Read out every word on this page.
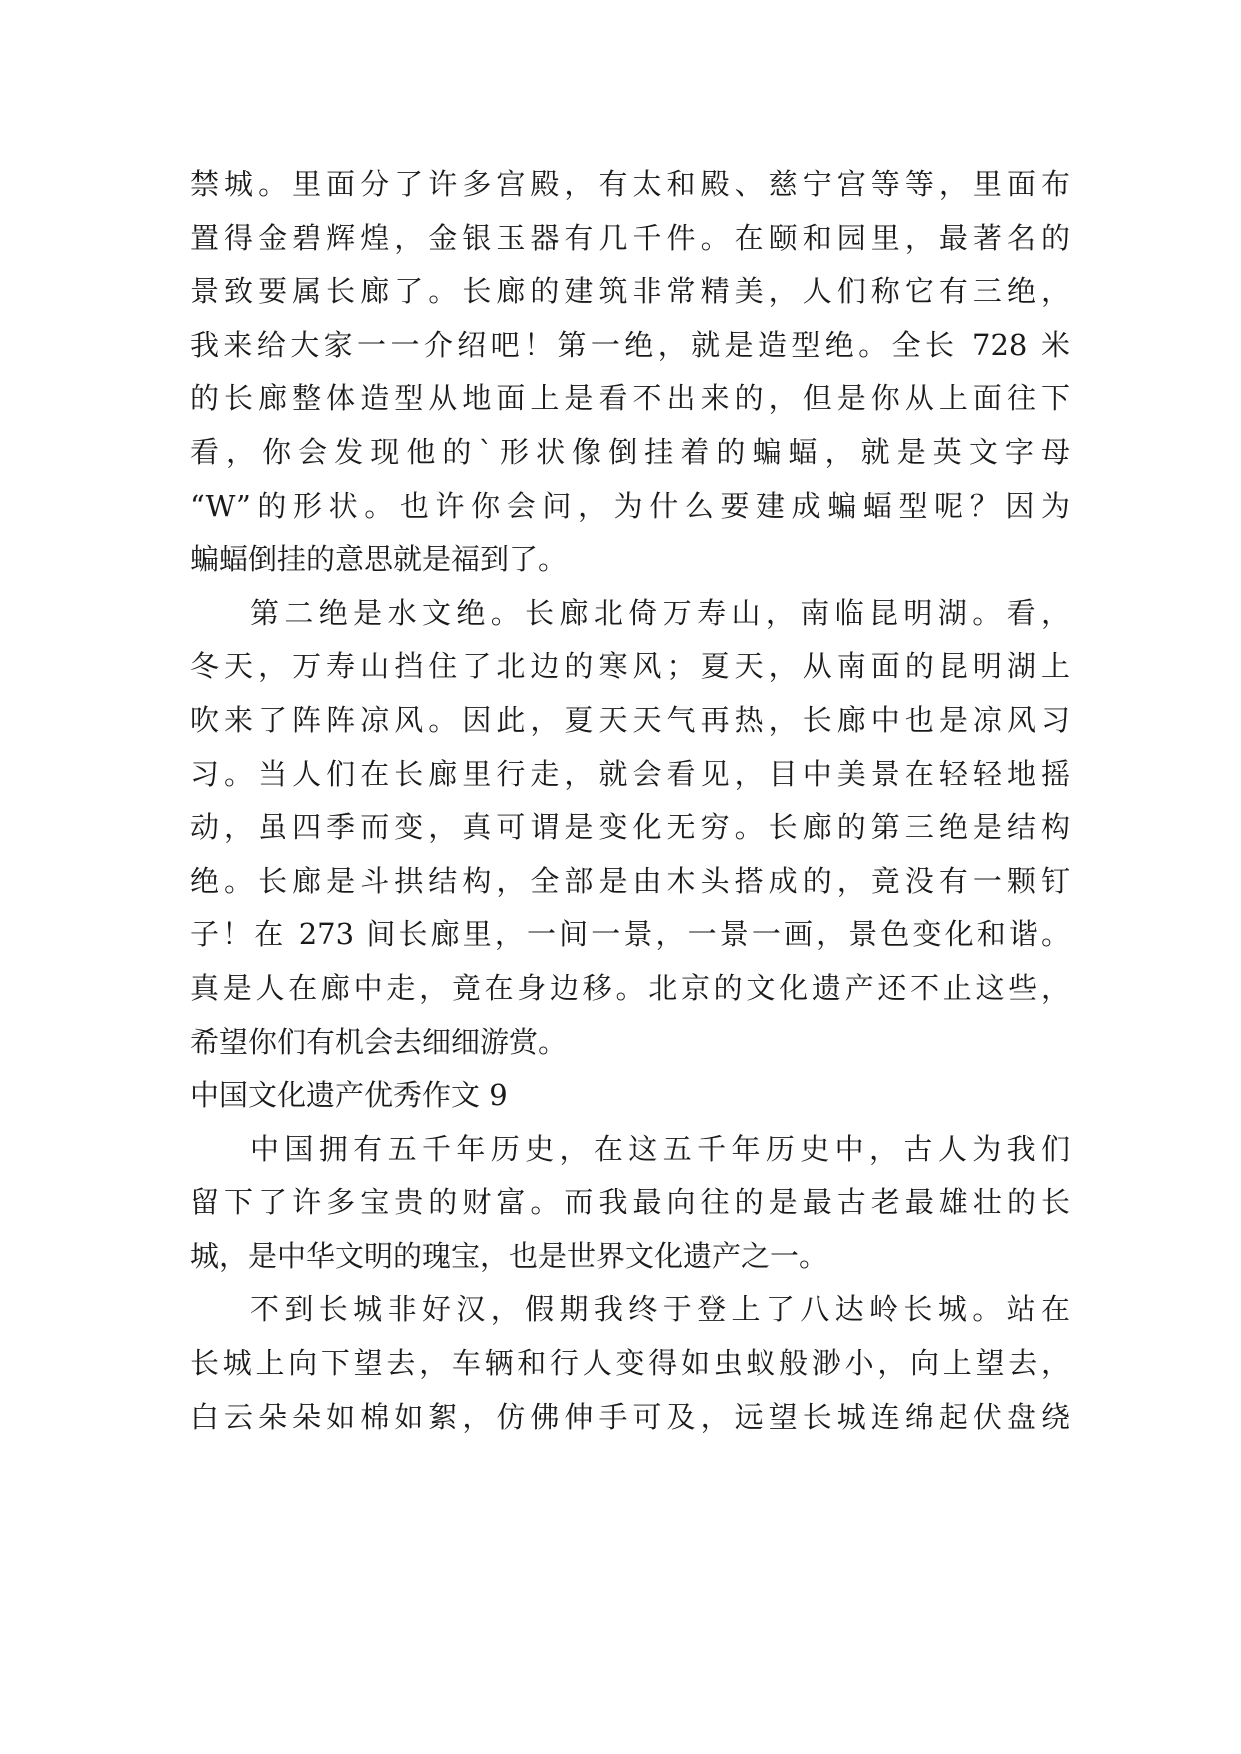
禁城。里面分了许多宫殿，有太和殿、慈宁宫等等，里面布
置得金碧辉煌，金银玉器有几千件。在颐和园里，最著名的
景致要属长廊了。长廊的建筑非常精美，人们称它有三绝，
我来给大家一一介绍吧！第一绝，就是造型绝。全长 728 米
的长廊整体造型从地面上是看不出来的，但是你从上面往下
看，你会发现他的`形状像倒挂着的蝙蝠，就是英文字母
“W”的形状。也许你会问，为什么要建成蝙蝠型呢？因为
蝙蝠倒挂的意思就是福到了。
第二绝是水文绝。长廊北倚万寿山，南临昆明湖。看，
冬天，万寿山挡住了北边的寒风；夏天，从南面的昆明湖上
吹来了阵阵凉风。因此，夏天天气再热，长廊中也是凉风习
习。当人们在长廊里行走，就会看见，目中美景在轻轻地摇
动，虽四季而变，真可谓是变化无穷。长廊的第三绝是结构
绝。长廊是斗拱结构，全部是由木头搭成的，竟没有一颗钉
子！在 273 间长廊里，一间一景，一景一画，景色变化和谐。
真是人在廊中走，竟在身边移。北京的文化遗产还不止这些，
希望你们有机会去细细游赏。
中国文化遗产优秀作文 9
中国拥有五千年历史，在这五千年历史中，古人为我们
留下了许多宝贵的财富。而我最向往的是最古老最雄壮的长
城，是中华文明的瑰宝，也是世界文化遗产之一。
不到长城非好汉，假期我终于登上了八达岭长城。站在
长城上向下望去，车辆和行人变得如虫蚁般渺小，向上望去，
白云朵朵如棉如絮，仿佛伸手可及，远望长城连绵起伏盘绕
